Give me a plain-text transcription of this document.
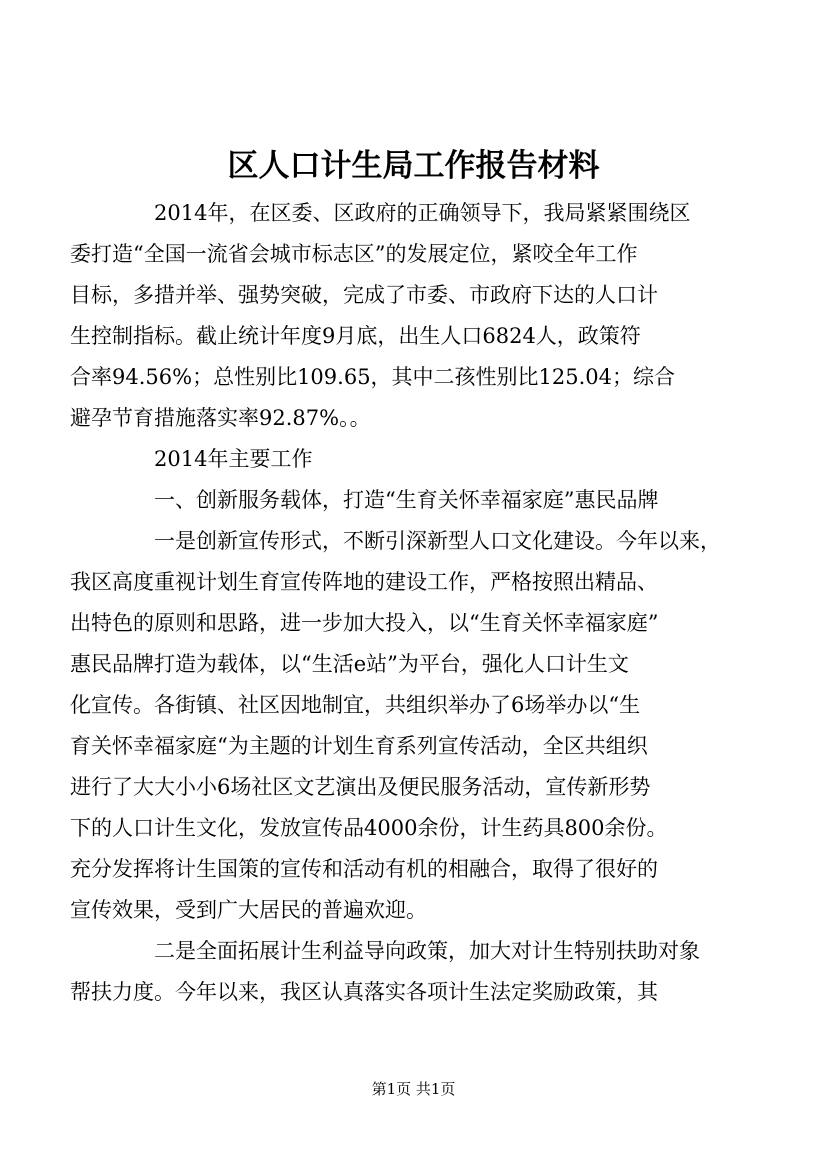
区人口计生局工作报告材料

2014年，在区委、区政府的正确领导下，我局紧紧围绕区
委打造“全国一流省会城市标志区”的发展定位，紧咬全年工作
目标，多措并举、强势突破，完成了市委、市政府下达的人口计
生控制指标。截止统计年度9月底，出生人口6824人，政策符
合率94.56%；总性别比109.65，其中二孩性别比125.04；综合
避孕节育措施落实率92.87%。。

2014年主要工作

一、创新服务载体，打造“生育关怀幸福家庭”惠民品牌

一是创新宣传形式，不断引深新型人口文化建设。今年以来，
我区高度重视计划生育宣传阵地的建设工作，严格按照出精品、
出特色的原则和思路，进一步加大投入，以“生育关怀幸福家庭”
惠民品牌打造为载体，以“生活e站”为平台，强化人口计生文
化宣传。各街镇、社区因地制宜，共组织举办了6场举办以“生
育关怀幸福家庭“为主题的计划生育系列宣传活动，全区共组织
进行了大大小小6场社区文艺演出及便民服务活动，宣传新形势
下的人口计生文化，发放宣传品4000余份，计生药具800余份。
充分发挥将计生国策的宣传和活动有机的相融合，取得了很好的
宣传效果，受到广大居民的普遍欢迎。

二是全面拓展计生利益导向政策，加大对计生特别扶助对象
帮扶力度。今年以来，我区认真落实各项计生法定奖励政策，其

第1页 共1页
